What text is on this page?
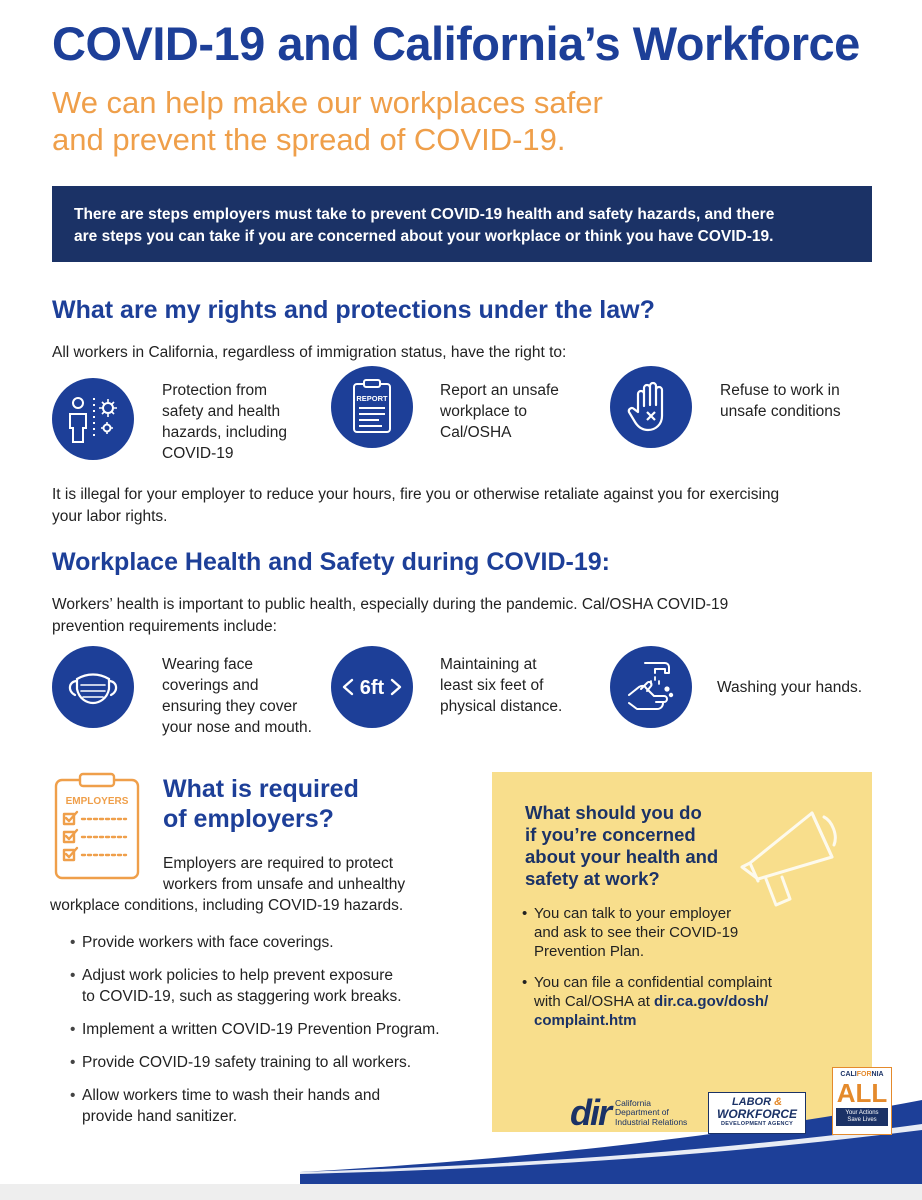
COVID-19 and California’s Workforce
We can help make our workplaces safer
and prevent the spread of COVID-19.
There are steps employers must take to prevent COVID-19 health and safety hazards, and there
are steps you can take if you are concerned about your workplace or think you have COVID-19.
What are my rights and protections under the law?
All workers in California, regardless of immigration status, have the right to:
Protection from
safety and health
hazards, including
COVID-19
REPORT	Report an unsafe
workplace to
Cal/OSHA
Refuse to work in
unsafe conditions
It is illegal for your employer to reduce your hours, fire you or otherwise retaliate against you for exercising
your labor rights.
Workplace Health and Safety during COVID-19:
Workers’ health is important to public health, especially during the pandemic. Cal/OSHA COVID-19
prevention requirements include:
Wearing face
coverings and
ensuring they cover
your nose and mouth.
6ft
Maintaining at
least six feet of
physical distance.
Washing your hands.
EMPLOYERS What is required
of employers?
Employers are required to protect
workers from unsafe and unhealthy
workplace conditions, including COVID-19 hazards.
• Provide workers with face coverings.
• Adjust work policies to help prevent exposure
to COVID-19, such as staggering work breaks.
• Implement a written COVID-19 Prevention Program.
• Provide COVID-19 safety training to all workers.
• Allow workers time to wash their hands and
provide hand sanitizer.
What should you do
if you’re concerned
about your health and
safety at work?
• You can talk to your employer
and ask to see their COVID-19
Prevention Plan.
• You can file a confidential complaint
with Cal/OSHA at dir.ca.gov/dosh/
complaint.htm
dir California
Department of
Industrial Relations
LABOR &
WORKFORCE
DEVELOPMENT AGENCY
CALIFORNIA
ALL
Your Actions
Save Lives
